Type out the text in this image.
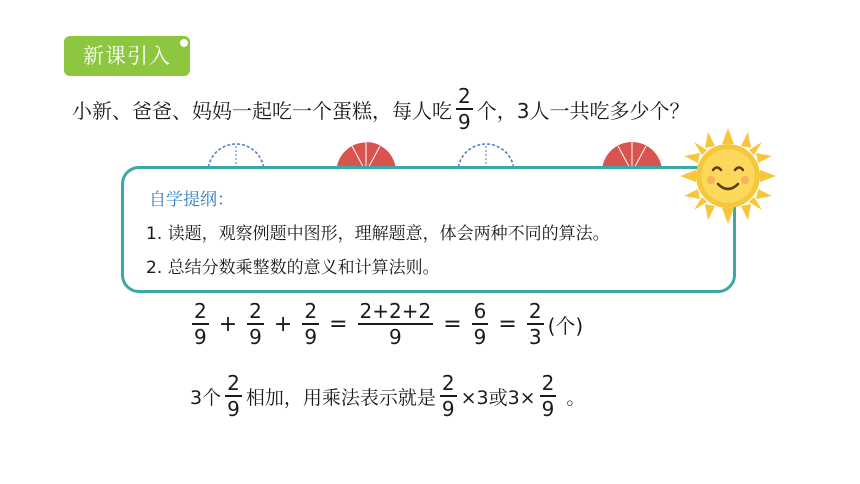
新课引入
小新、爸爸、妈妈一起吃一个蛋糕，每人吃 $\frac{2}{9}$ 个，3人一共吃多少个？
自学提纲：
1. 读题，观察例题中图形，理解题意，体会两种不同的算法。
2. 总结分数乘整数的意义和计算法则。
$\frac{2}{9} + \frac{2}{9} + \frac{2}{9} = \frac{2+2+2}{9} = \frac{6}{9} = \frac{2}{3}$ (个)
3个 $\frac{2}{9}$ 相加，用乘法表示就是 $\frac{2}{9} \times 3$或$3\times \frac{2}{9}$ 。
